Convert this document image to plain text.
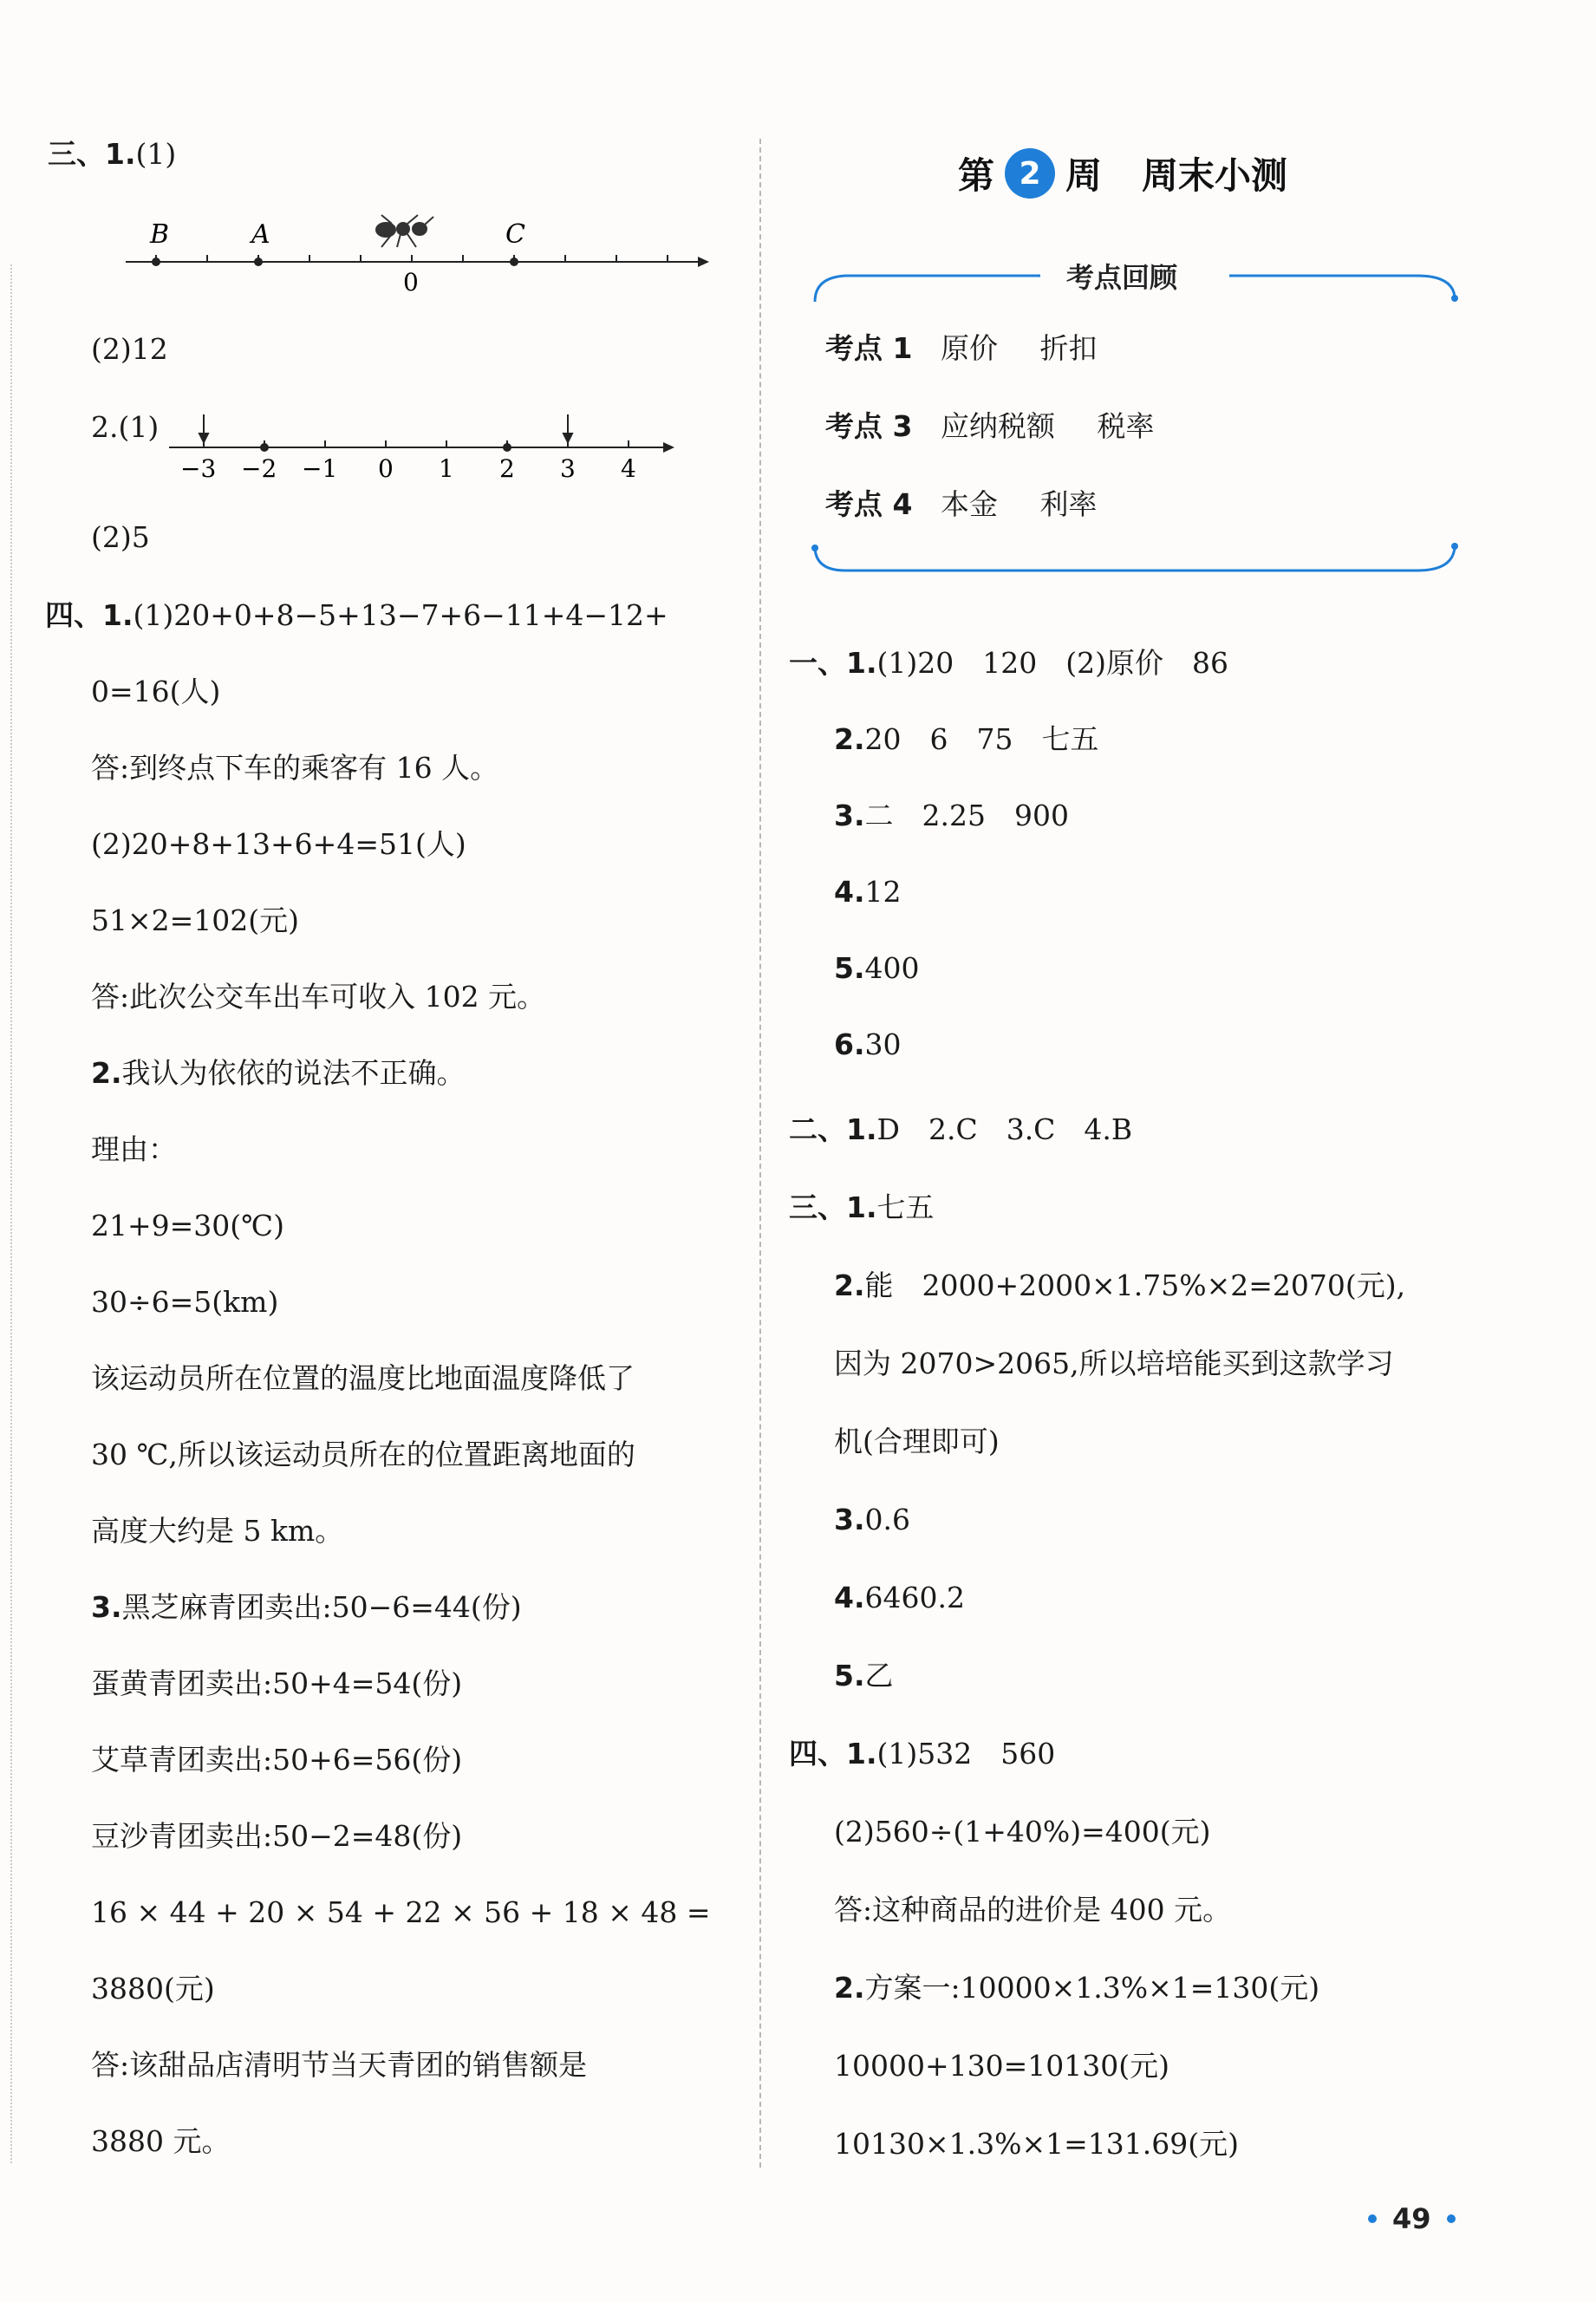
三、1.(1)
B	A	C
0
(2)12
2.(1)
−3 −2 −1 0 1 2 3 4
(2)5
四、1.(1)20+0+8−5+13−7+6−11+4−12+
0=16(人)
答:到终点下车的乘客有 16 人。
(2)20+8+13+6+4=51(人)
51×2=102(元)
答:此次公交车出车可收入 102 元。
2.我认为依依的说法不正确。
理由：
21+9=30(℃)
30÷6=5(km)
该运动员所在位置的温度比地面温度降低了
30 ℃,所以该运动员所在的位置距离地面的
高度大约是 5 km。
3.黑芝麻青团卖出:50−6=44(份)
蛋黄青团卖出:50+4=54(份)
艾草青团卖出:50+6=56(份)
豆沙青团卖出:50−2=48(份)
16 × 44 + 20 × 54 + 22 × 56 + 18 × 48 =
3880(元)
答:该甜品店清明节当天青团的销售额是
3880 元。
第 2 周 周末小测
考点回顾
考点 1 原价 折扣
考点 3 应纳税额 税率
考点 4 本金 利率
一、1.(1)20　120　(2)原价　86
2.20　6　75　七五
3.二　2.25　900
4.12
5.400
6.30
二、1.D　2.C　3.C　4.B
三、1.七五
2.能　2000+2000×1.75%×2=2070(元),
因为 2070>2065,所以培培能买到这款学习
机(合理即可)
3.0.6
4.6460.2
5.乙
四、1.(1)532　560
(2)560÷(1+40%)=400(元)
答:这种商品的进价是 400 元。
2.方案一:10000×1.3%×1=130(元)
10000+130=10130(元)
10130×1.3%×1=131.69(元)
49
